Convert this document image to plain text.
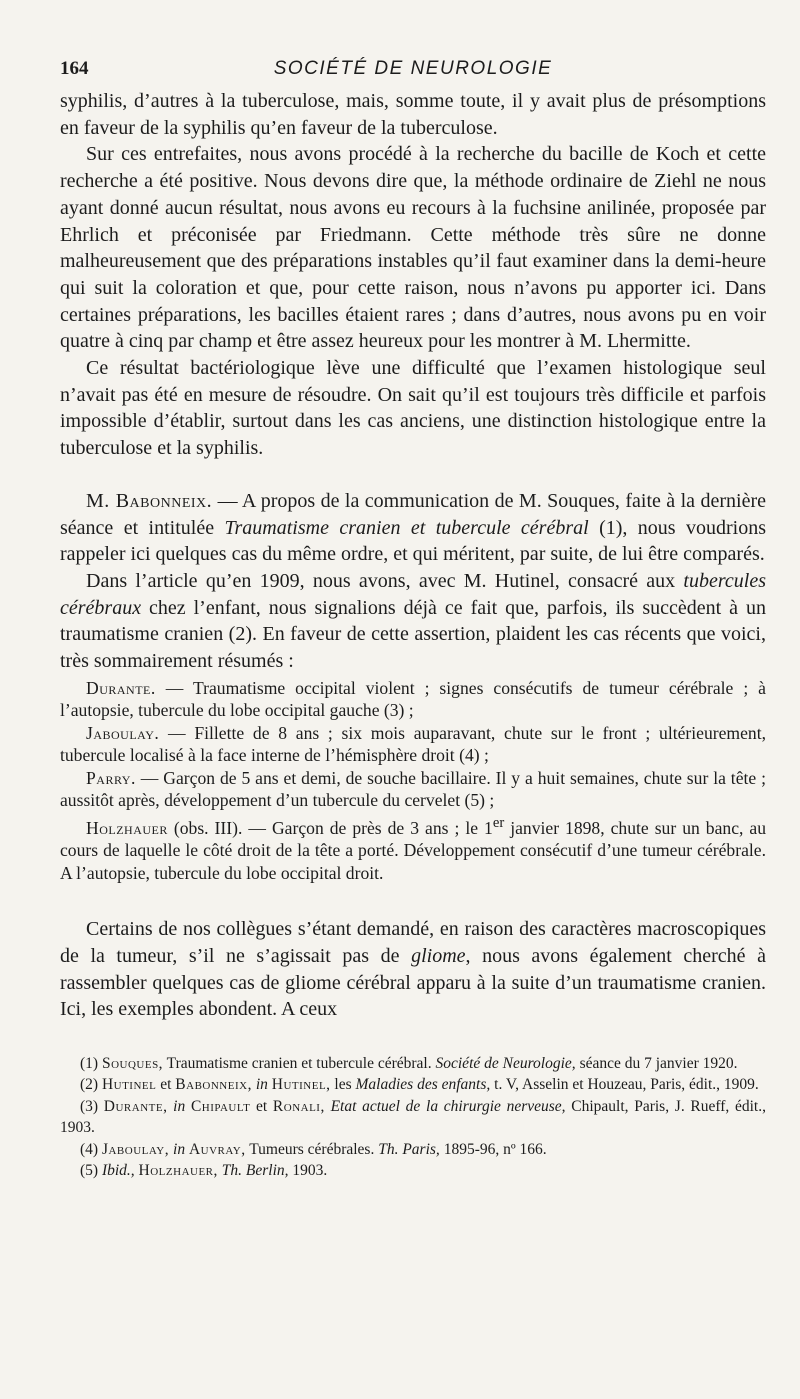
164	SOCIÉTÉ DE NEUROLOGIE

syphilis, d’autres à la tuberculose, mais, somme toute, il y avait plus de présomptions en faveur de la syphilis qu’en faveur de la tuberculose.

Sur ces entrefaites, nous avons procédé à la recherche du bacille de Koch et cette recherche a été positive. Nous devons dire que, la méthode ordinaire de Ziehl ne nous ayant donné aucun résultat, nous avons eu recours à la fuchsine anilinée, proposée par Ehrlich et préconisée par Friedmann. Cette méthode très sûre ne donne malheureusement que des préparations instables qu’il faut examiner dans la demi-heure qui suit la coloration et que, pour cette raison, nous n’avons pu apporter ici. Dans certaines préparations, les bacilles étaient rares ; dans d’autres, nous avons pu en voir quatre à cinq par champ et être assez heureux pour les montrer à M. Lhermitte.

Ce résultat bactériologique lève une difficulté que l’examen histologique seul n’avait pas été en mesure de résoudre. On sait qu’il est toujours très difficile et parfois impossible d’établir, surtout dans les cas anciens, une distinction histologique entre la tuberculose et la syphilis.

M. Babonneix. — A propos de la communication de M. Souques, faite à la dernière séance et intitulée Traumatisme cranien et tubercule cérébral (1), nous voudrions rappeler ici quelques cas du même ordre, et qui méritent, par suite, de lui être comparés.

Dans l’article qu’en 1909, nous avons, avec M. Hutinel, consacré aux tubercules cérébraux chez l’enfant, nous signalions déjà ce fait que, parfois, ils succèdent à un traumatisme cranien (2). En faveur de cette assertion, plaident les cas récents que voici, très sommairement résumés :

Durante. — Traumatisme occipital violent ; signes consécutifs de tumeur cérébrale ; à l’autopsie, tubercule du lobe occipital gauche (3) ;

Jaboulay. — Fillette de 8 ans ; six mois auparavant, chute sur le front ; ultérieurement, tubercule localisé à la face interne de l’hémisphère droit (4) ;

Parry. — Garçon de 5 ans et demi, de souche bacillaire. Il y a huit semaines, chute sur la tête ; aussitôt après, développement d’un tubercule du cervelet (5) ;

Holzhauer (obs. III). — Garçon de près de 3 ans ; le 1er janvier 1898, chute sur un banc, au cours de laquelle le côté droit de la tête a porté. Développement consécutif d’une tumeur cérébrale. A l’autopsie, tubercule du lobe occipital droit.

Certains de nos collègues s’étant demandé, en raison des caractères macroscopiques de la tumeur, s’il ne s’agissait pas de gliome, nous avons également cherché à rassembler quelques cas de gliome cérébral apparu à la suite d’un traumatisme cranien. Ici, les exemples abondent. A ceux

(1) Souques, Traumatisme cranien et tubercule cérébral. Société de Neurologie, séance du 7 janvier 1920.

(2) Hutinel et Babonneix, in Hutinel, les Maladies des enfants, t. V, Asselin et Houzeau, Paris, édit., 1909.

(3) Durante, in Chipault et Ronali, Etat actuel de la chirurgie nerveuse, Chipault, Paris, J. Rueff, édit., 1903.

(4) Jaboulay, in Auvray, Tumeurs cérébrales. Th. Paris, 1895-96, nº 166.

(5) Ibid., Holzhauer, Th. Berlin, 1903.
